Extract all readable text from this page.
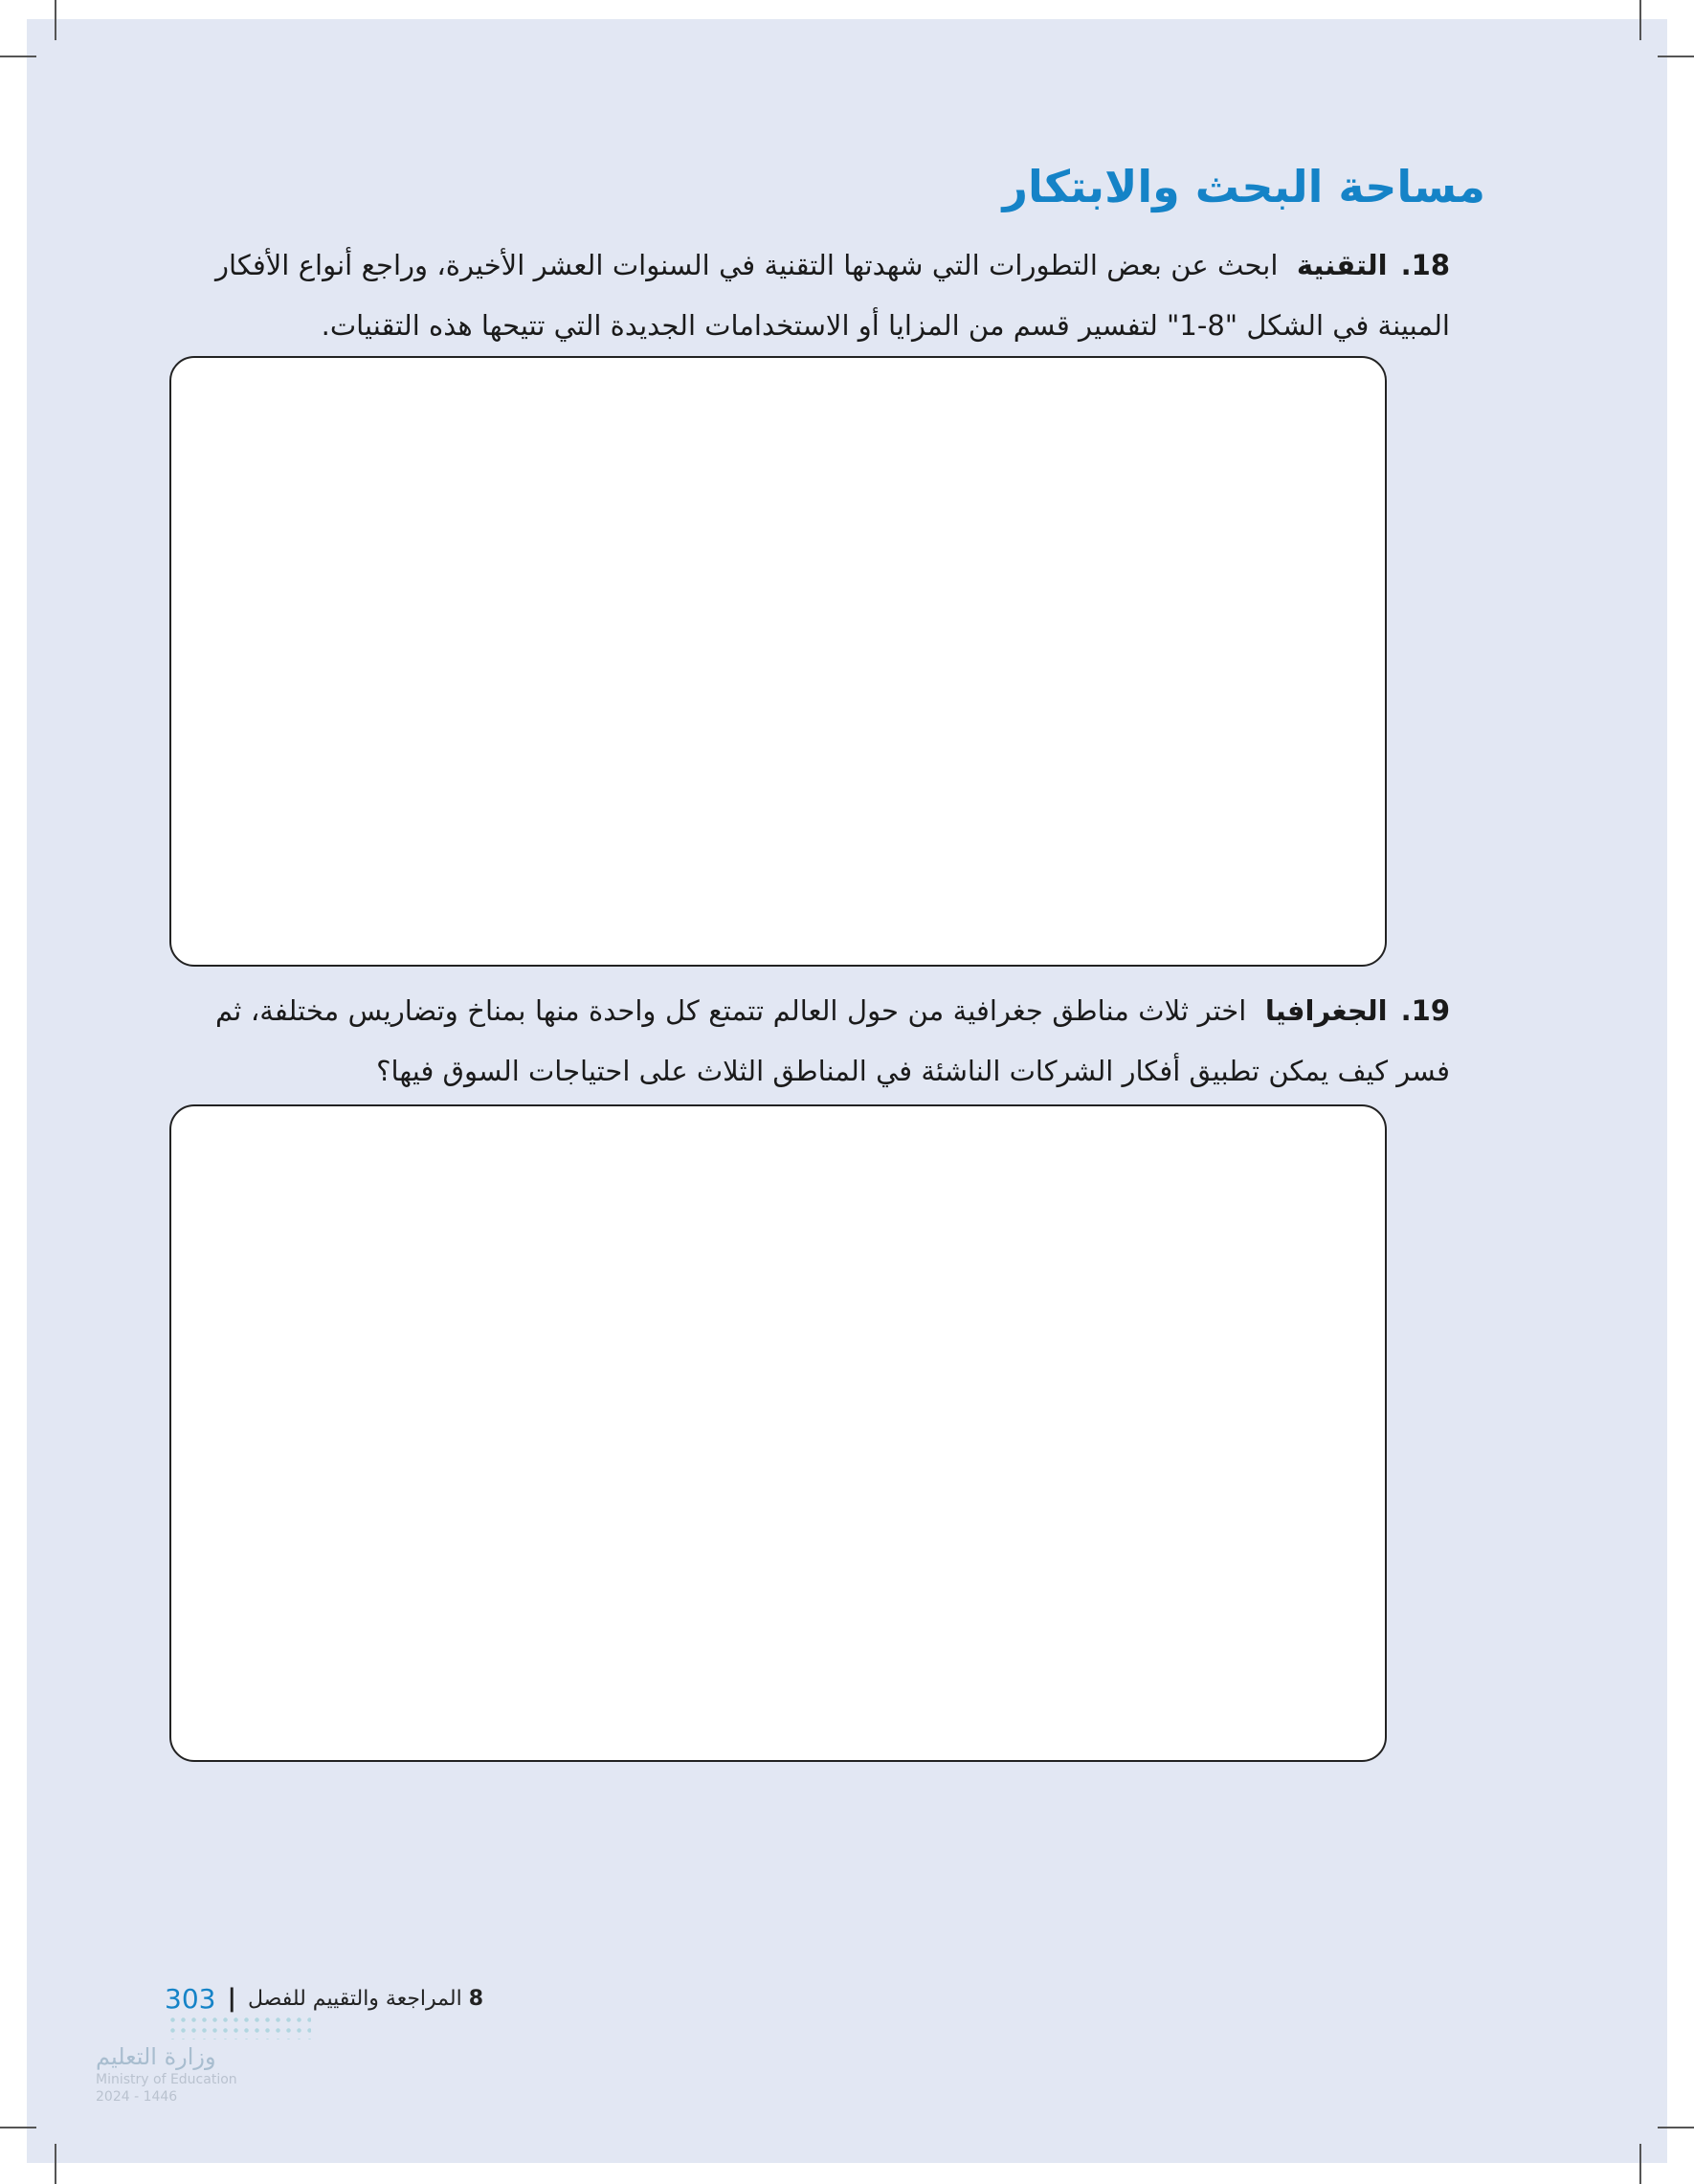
مساحة البحث والابتكار
18.التقنية ابحث عن بعض التطورات التي شهدتها التقنية في السنوات العشر الأخيرة، وراجع أنواع الأفكار المبينة في الشكل "8-1" لتفسير قسم من المزايا أو الاستخدامات الجديدة التي تتيحها هذه التقنيات.
19.الجغرافيا اختر ثلاث مناطق جغرافية من حول العالم تتمتع كل واحدة منها بمناخ وتضاريس مختلفة، ثم فسر كيف يمكن تطبيق أفكار الشركات الناشئة في المناطق الثلاث على احتياجات السوق فيها؟
303 |	8 المراجعة والتقييم للفصل
وزارة التعليم
Ministry of Education
2024 - 1446
